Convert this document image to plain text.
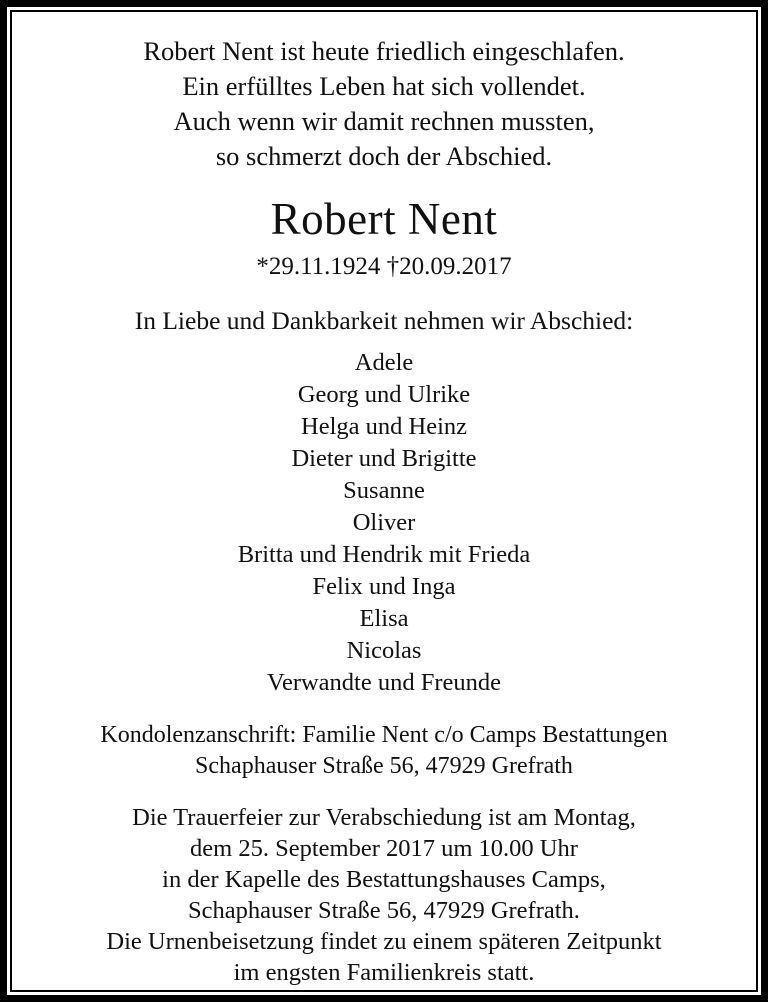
Robert Nent ist heute friedlich eingeschlafen.
Ein erfülltes Leben hat sich vollendet.
Auch wenn wir damit rechnen mussten,
so schmerzt doch der Abschied.
Robert Nent
*29.11.1924 †20.09.2017
In Liebe und Dankbarkeit nehmen wir Abschied:
Adele
Georg und Ulrike
Helga und Heinz
Dieter und Brigitte
Susanne
Oliver
Britta und Hendrik mit Frieda
Felix und Inga
Elisa
Nicolas
Verwandte und Freunde
Kondolenzanschrift: Familie Nent c/o Camps Bestattungen
Schaphauser Straße 56, 47929 Grefrath
Die Trauerfeier zur Verabschiedung ist am Montag,
dem 25. September 2017 um 10.00 Uhr
in der Kapelle des Bestattungshauses Camps,
Schaphauser Straße 56, 47929 Grefrath.
Die Urnenbeisetzung findet zu einem späteren Zeitpunkt
im engsten Familienkreis statt.
